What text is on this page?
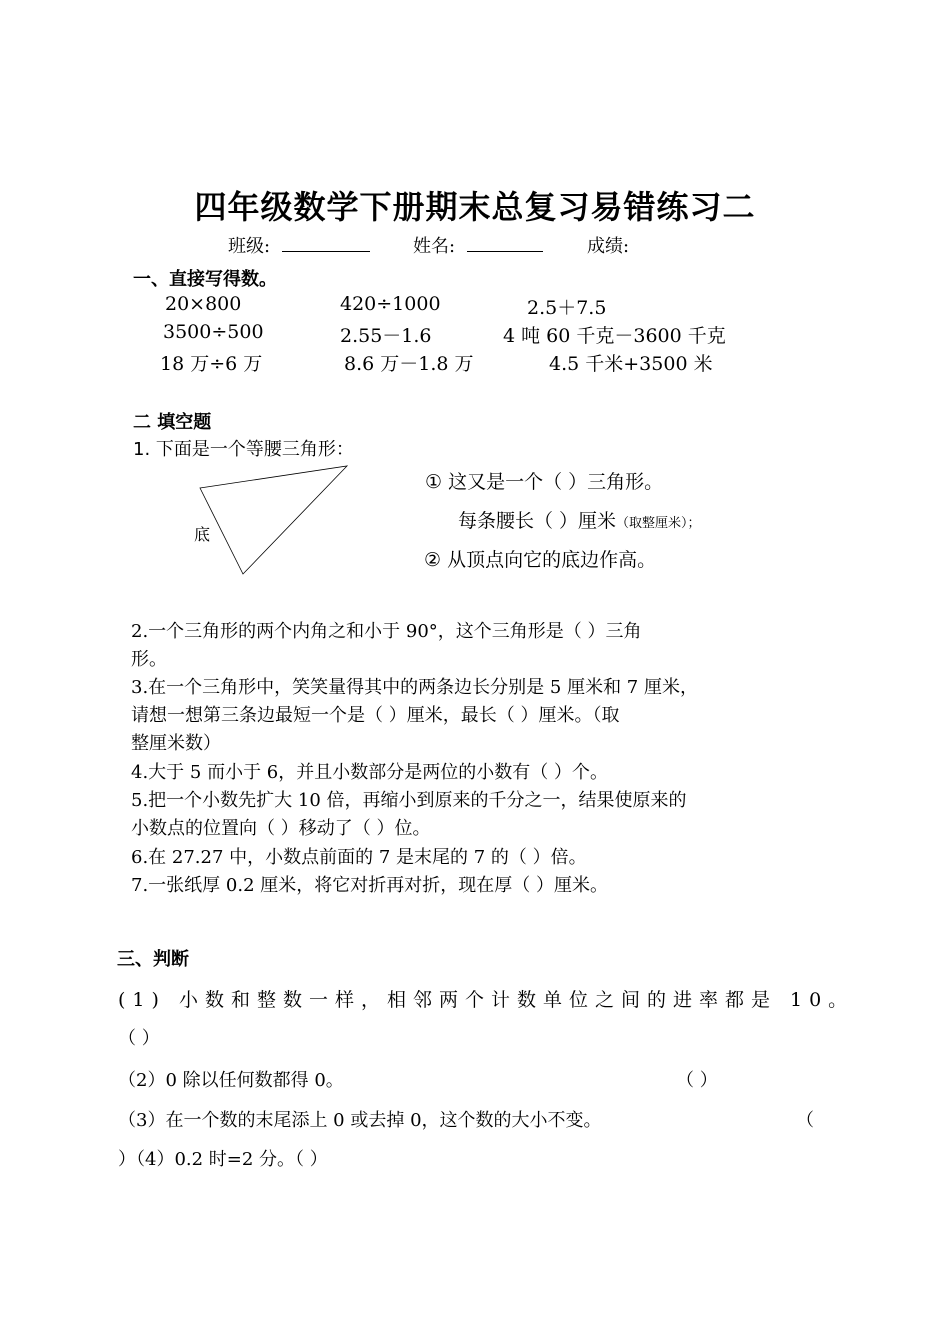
四年级数学下册期末总复习易错练习二
班级:	姓名:	成绩:
一、直接写得数。
20×800	420÷1000	2.5＋7.5
3500÷500	2.55－1.6	4 吨 60 千克－3600 千克
18 万÷6 万	8.6 万－1.8 万	4.5 千米+3500 米
二 填空题
1. 下面是一个等腰三角形：
底
① 这又是一个（ ）三角形。
每条腰长（ ）厘米（取整厘米）；
② 从顶点向它的底边作高。
2.一个三角形的两个内角之和小于 90°，这个三角形是（ ）三角
形。
3.在一个三角形中，笑笑量得其中的两条边长分别是 5 厘米和 7 厘米，
请想一想第三条边最短一个是（ ）厘米，最长（ ）厘米。（取
整厘米数）
4.大于 5 而小于 6，并且小数部分是两位的小数有（ ）个。
5.把一个小数先扩大 10 倍，再缩小到原来的千分之一，结果使原来的
小数点的位置向（ ）移动了（ ）位。
6.在 27.27 中，小数点前面的 7 是末尾的 7 的（ ）倍。
7.一张纸厚 0.2 厘米，将它对折再对折，现在厚（ ）厘米。
三、判断
(1) 小数和整数一样，相邻两个计数单位之间的进率都是 10。
（ ）
（2）0 除以任何数都得 0。	（ ）
（3）在一个数的末尾添上 0 或去掉 0，这个数的大小不变。	（
）（4）0.2 时=2 分。（ ）
